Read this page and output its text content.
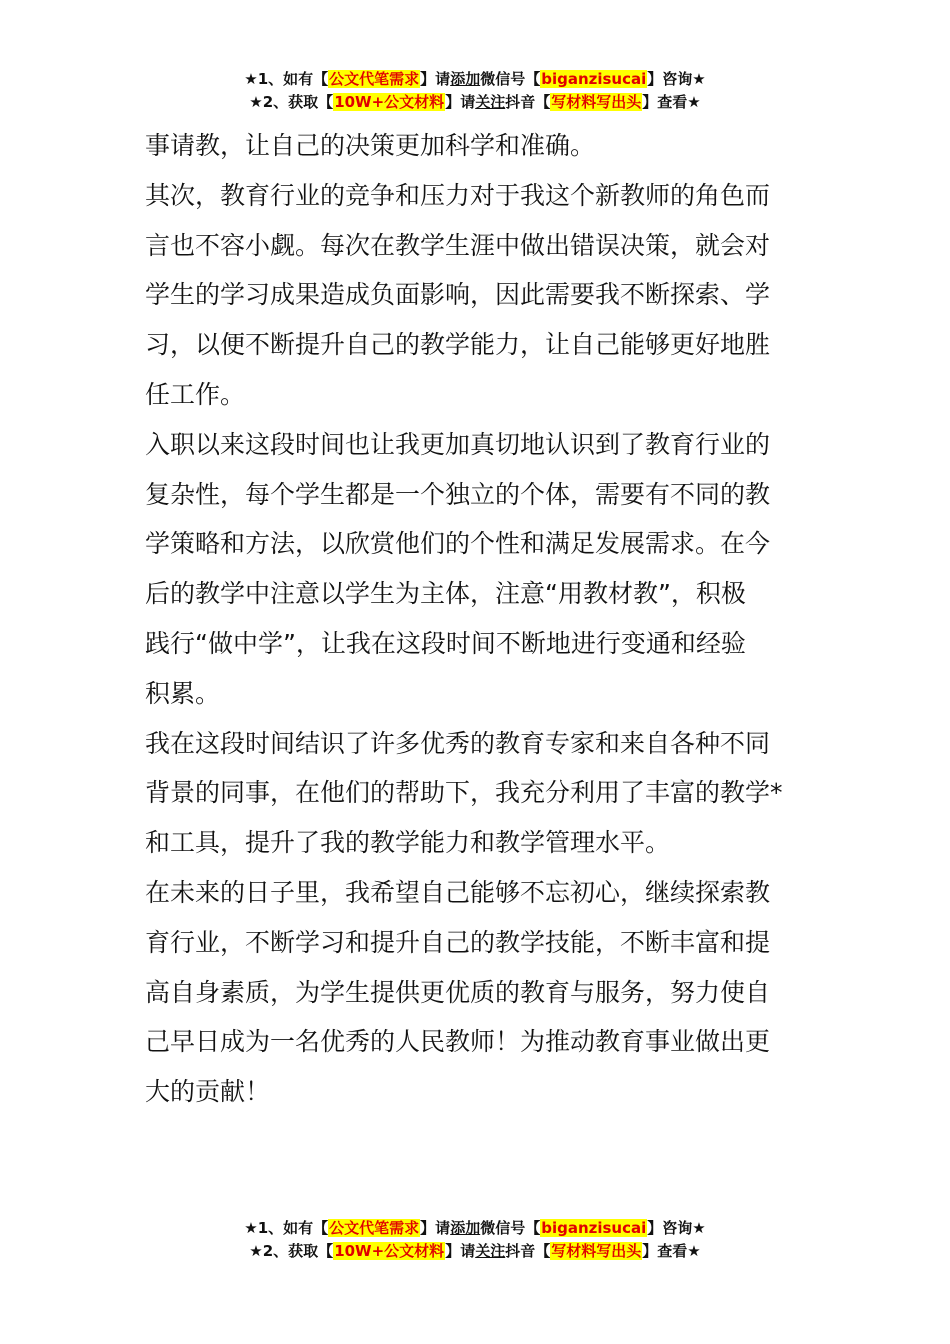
★1、如有【公文代笔需求】请添加微信号【biganzisucai】咨询★
★2、获取【10W+公文材料】请关注抖音【写材料写出头】查看★

事请教，让自己的决策更加科学和准确。

其次，教育行业的竞争和压力对于我这个新教师的角色而

言也不容小觑。每次在教学生涯中做出错误决策，就会对

学生的学习成果造成负面影响，因此需要我不断探索、学

习，以便不断提升自己的教学能力，让自己能够更好地胜

任工作。

入职以来这段时间也让我更加真切地认识到了教育行业的

复杂性，每个学生都是一个独立的个体，需要有不同的教

学策略和方法，以欣赏他们的个性和满足发展需求。在今

后的教学中注意以学生为主体，注意“用教材教”，积极

践行“做中学”，让我在这段时间不断地进行变通和经验

积累。

我在这段时间结识了许多优秀的教育专家和来自各种不同

背景的同事，在他们的帮助下，我充分利用了丰富的教学*

和工具，提升了我的教学能力和教学管理水平。

在未来的日子里，我希望自己能够不忘初心，继续探索教

育行业，不断学习和提升自己的教学技能，不断丰富和提

高自身素质，为学生提供更优质的教育与服务，努力使自

己早日成为一名优秀的人民教师！为推动教育事业做出更

大的贡献！

★1、如有【公文代笔需求】请添加微信号【biganzisucai】咨询★
★2、获取【10W+公文材料】请关注抖音【写材料写出头】查看★
